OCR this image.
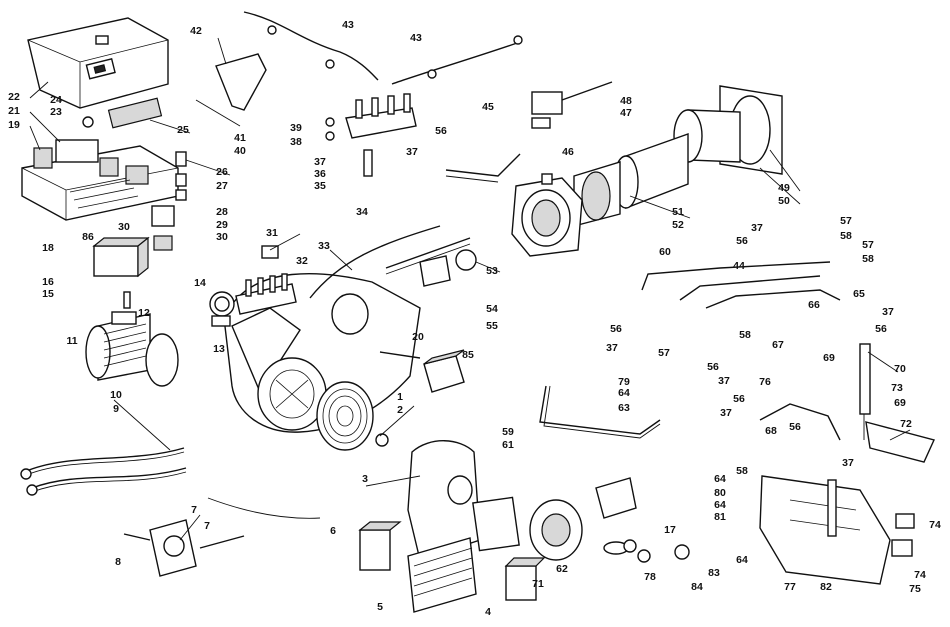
22
21
19
24
23
42	43
43
25
26
27
28
29
30
30
86
18
16
15
41
40
39
38
37
36
35
37
56
48
47
45
46
49
50
51
52
34
31
33
32
53
54
55
14
12
13
11	20
85
37
56
60
44
57
58
57
58
65
66
37
56
56
37	57
58
67
56
37
69
70
73
69
72
79
64
63
76
56
37
68 56
37
10
9
1
2
59
61
3
58
64
80
64
81
7
7	6	17
8
62
71
5	4
78
84
83
64
77 82
74
74
75
